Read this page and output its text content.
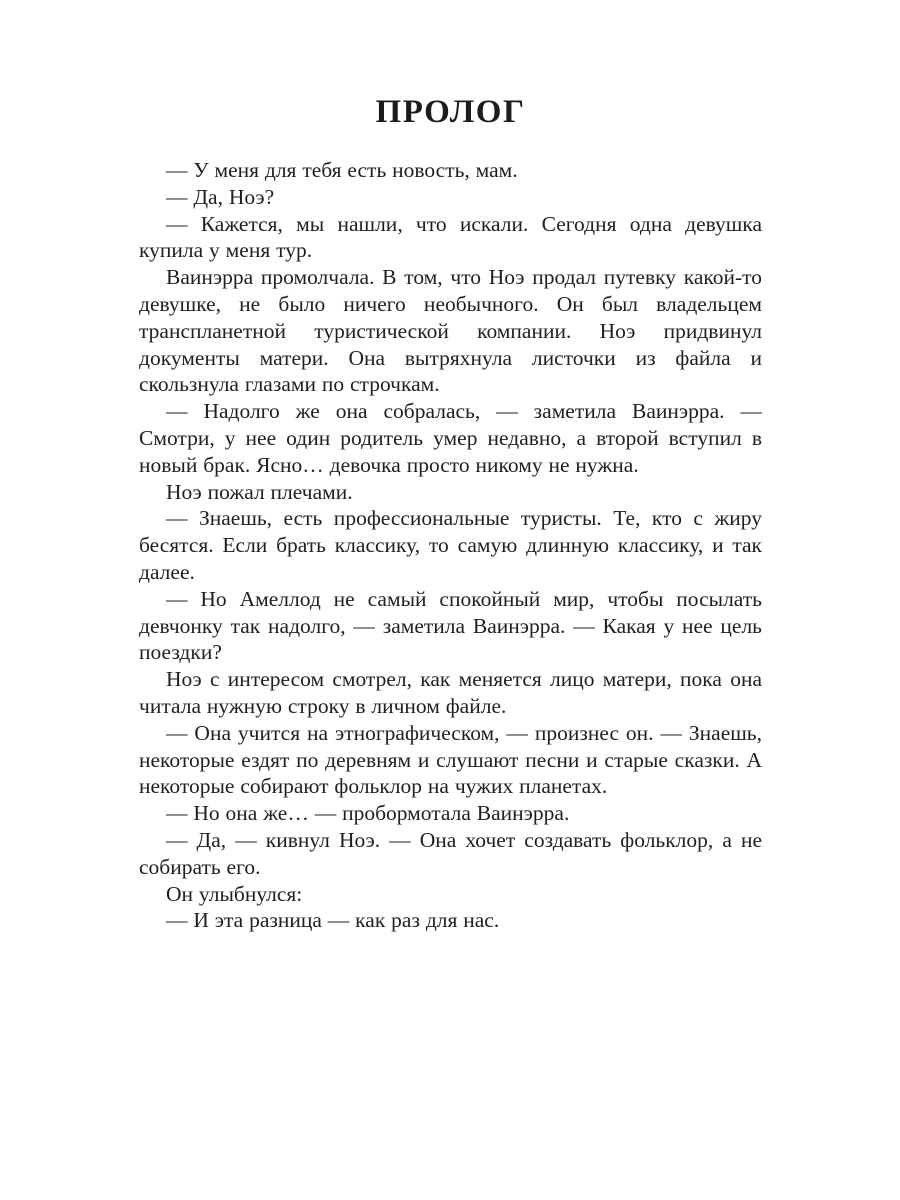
ПРОЛОГ

— У меня для тебя есть новость, мам.

— Да, Ноэ?

— Кажется, мы нашли, что искали. Сегодня одна девушка купила у меня тур.

Ваинэрра промолчала. В том, что Ноэ продал путевку какой-то девушке, не было ничего необычного. Он был владельцем транспланетной туристической компании. Ноэ придвинул документы матери. Она вытряхнула листочки из файла и скользнула глазами по строчкам.

— Надолго же она собралась, — заметила Ваинэрра. — Смотри, у нее один родитель умер недавно, а второй вступил в новый брак. Ясно… девочка просто никому не нужна.

Ноэ пожал плечами.

— Знаешь, есть профессиональные туристы. Те, кто с жиру бесятся. Если брать классику, то самую длинную классику, и так далее.

— Но Амеллод не самый спокойный мир, чтобы посылать девчонку так надолго, — заметила Ваинэрра. — Какая у нее цель поездки?

Ноэ с интересом смотрел, как меняется лицо матери, пока она читала нужную строку в личном файле.

— Она учится на этнографическом, — произнес он. — Знаешь, некоторые ездят по деревням и слушают песни и старые сказки. А некоторые собирают фольклор на чужих планетах.

— Но она же… — пробормотала Ваинэрра.

— Да, — кивнул Ноэ. — Она хочет создавать фольклор, а не собирать его.

Он улыбнулся:

— И эта разница — как раз для нас.
